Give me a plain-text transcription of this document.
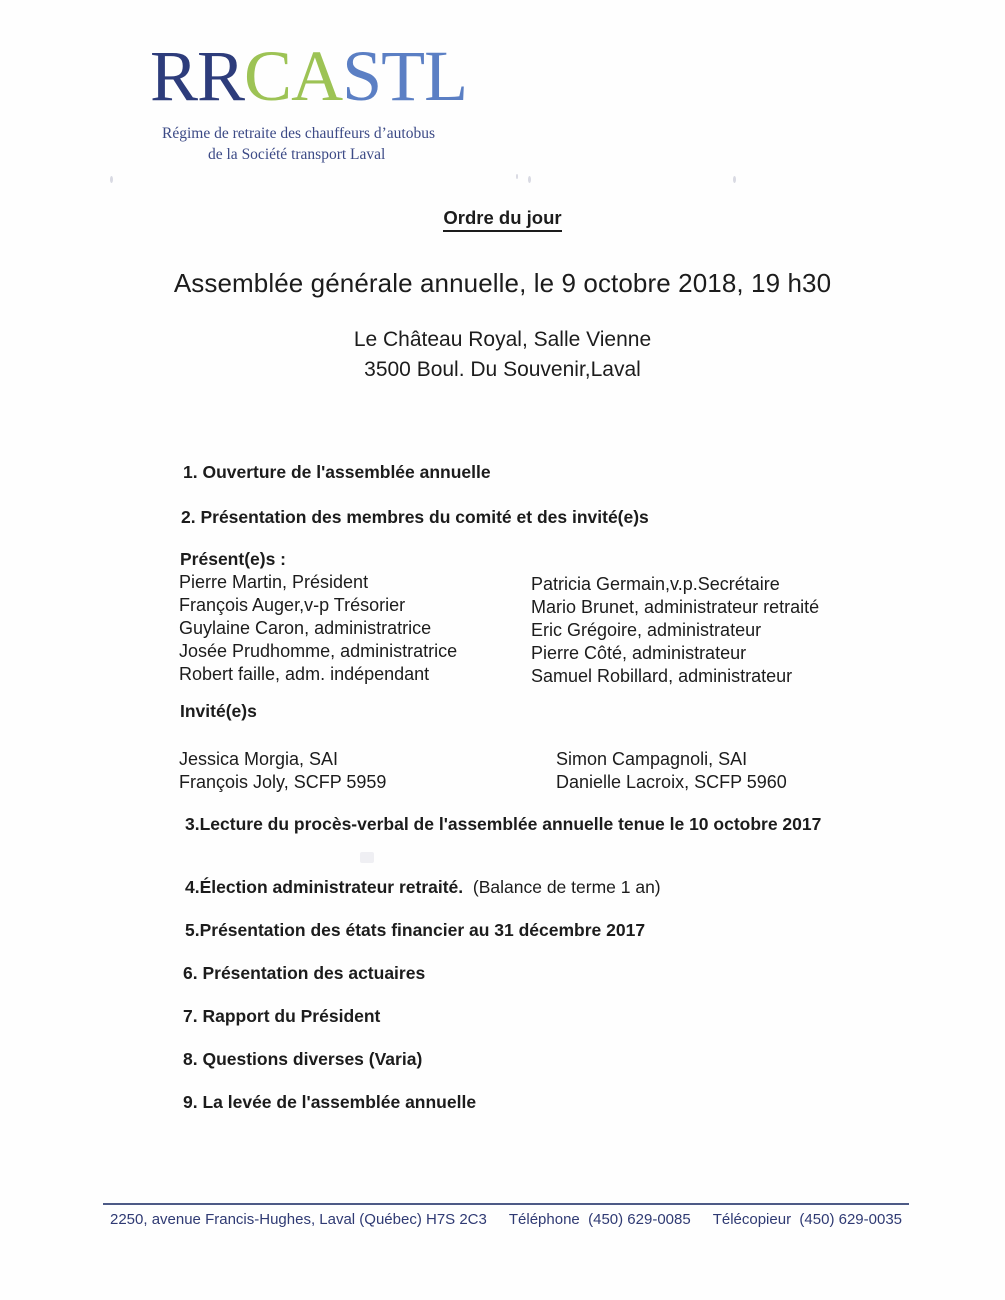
RRCASTL
Régime de retraite des chauffeurs d’autobus
de la Société transport Laval
Ordre du jour
Assemblée générale annuelle, le 9 octobre 2018, 19 h30
Le Château Royal, Salle Vienne
3500 Boul. Du Souvenir,Laval
1. Ouverture de l'assemblée annuelle
2. Présentation des membres du comité et des invité(e)s
Présent(e)s :
Pierre Martin, Président
François Auger,v-p Trésorier
Guylaine Caron, administratrice
Josée Prudhomme, administratrice
Robert faille, adm. indépendant
Patricia Germain,v.p.Secrétaire
Mario Brunet, administrateur retraité
Eric Grégoire, administrateur
Pierre Côté, administrateur
Samuel Robillard, administrateur
Invité(e)s
Jessica Morgia, SAI
François Joly, SCFP 5959
Simon Campagnoli, SAI
Danielle Lacroix, SCFP 5960
3.Lecture du procès-verbal de l'assemblée annuelle tenue le 10 octobre 2017
4.Élection administrateur retraité. (Balance de terme 1 an)
5.Présentation des états financier au 31 décembre 2017
6. Présentation des actuaires
7. Rapport du Président
8. Questions diverses (Varia)
9. La levée de l'assemblée annuelle
2250, avenue Francis-Hughes, Laval (Québec) H7S 2C3 Téléphone (450) 629-0085 Télécopieur (450) 629-0035
